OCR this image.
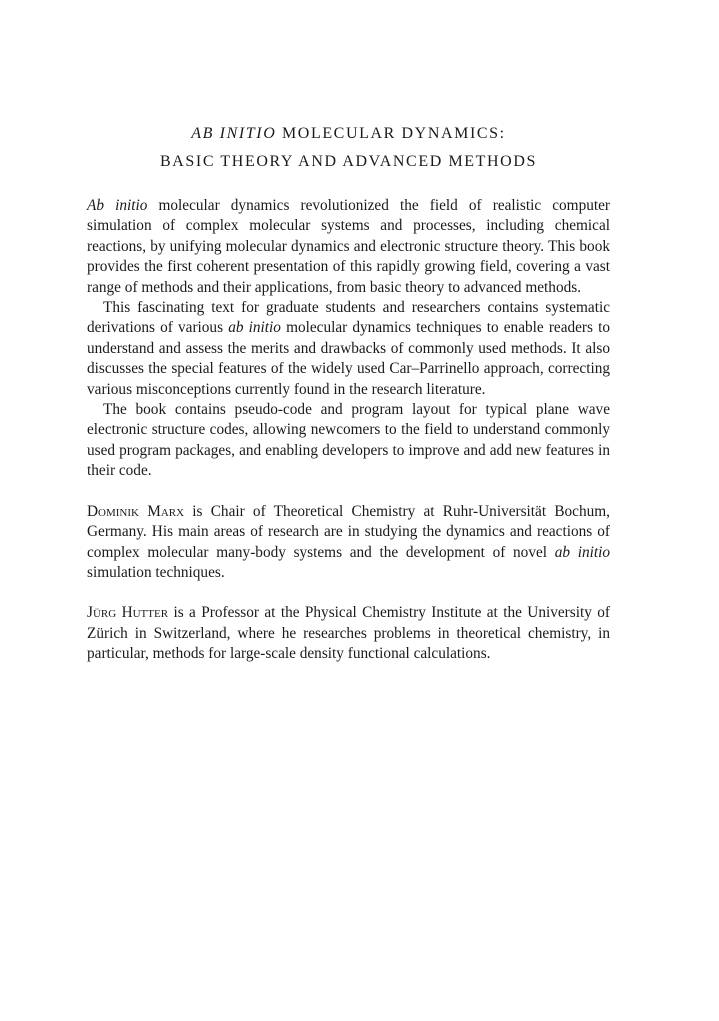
AB INITIO MOLECULAR DYNAMICS:
BASIC THEORY AND ADVANCED METHODS

Ab initio molecular dynamics revolutionized the field of realistic computer simulation of complex molecular systems and processes, including chemical reactions, by unifying molecular dynamics and electronic structure theory. This book provides the first coherent presentation of this rapidly growing field, covering a vast range of methods and their applications, from basic theory to advanced methods.

This fascinating text for graduate students and researchers contains systematic derivations of various ab initio molecular dynamics techniques to enable readers to understand and assess the merits and drawbacks of commonly used methods. It also discusses the special features of the widely used Car–Parrinello approach, correcting various misconceptions currently found in the research literature.

The book contains pseudo-code and program layout for typical plane wave electronic structure codes, allowing newcomers to the field to understand commonly used program packages, and enabling developers to improve and add new features in their code.

Dominik Marx is Chair of Theoretical Chemistry at Ruhr-Universität Bochum, Germany. His main areas of research are in studying the dynamics and reactions of complex molecular many-body systems and the development of novel ab initio simulation techniques.

Jürg Hutter is a Professor at the Physical Chemistry Institute at the University of Zürich in Switzerland, where he researches problems in theoretical chemistry, in particular, methods for large-scale density functional calculations.
